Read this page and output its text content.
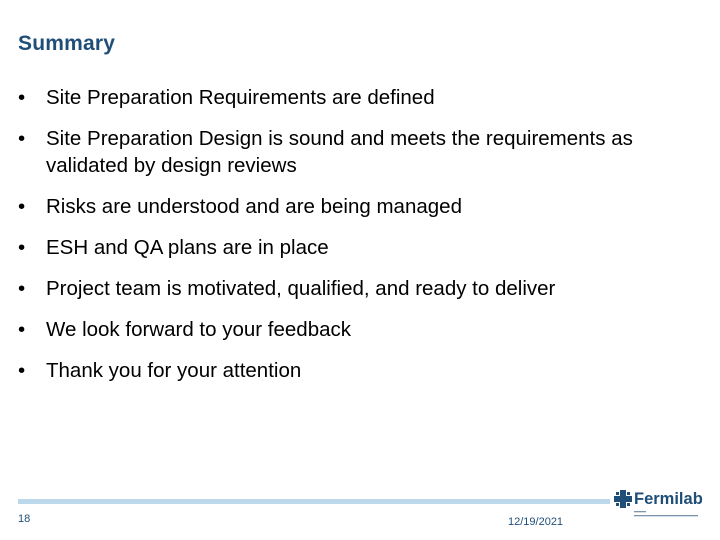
Summary
•	Site Preparation Requirements are defined
•	Site Preparation Design is sound and meets the requirements as validated by design reviews
•	Risks are understood and are being managed
•	ESH and QA plans are in place
•	Project team is motivated, qualified, and ready to deliver
•	We look forward to your feedback
•	Thank you for your attention
18	12/19/2021
Fermilab
